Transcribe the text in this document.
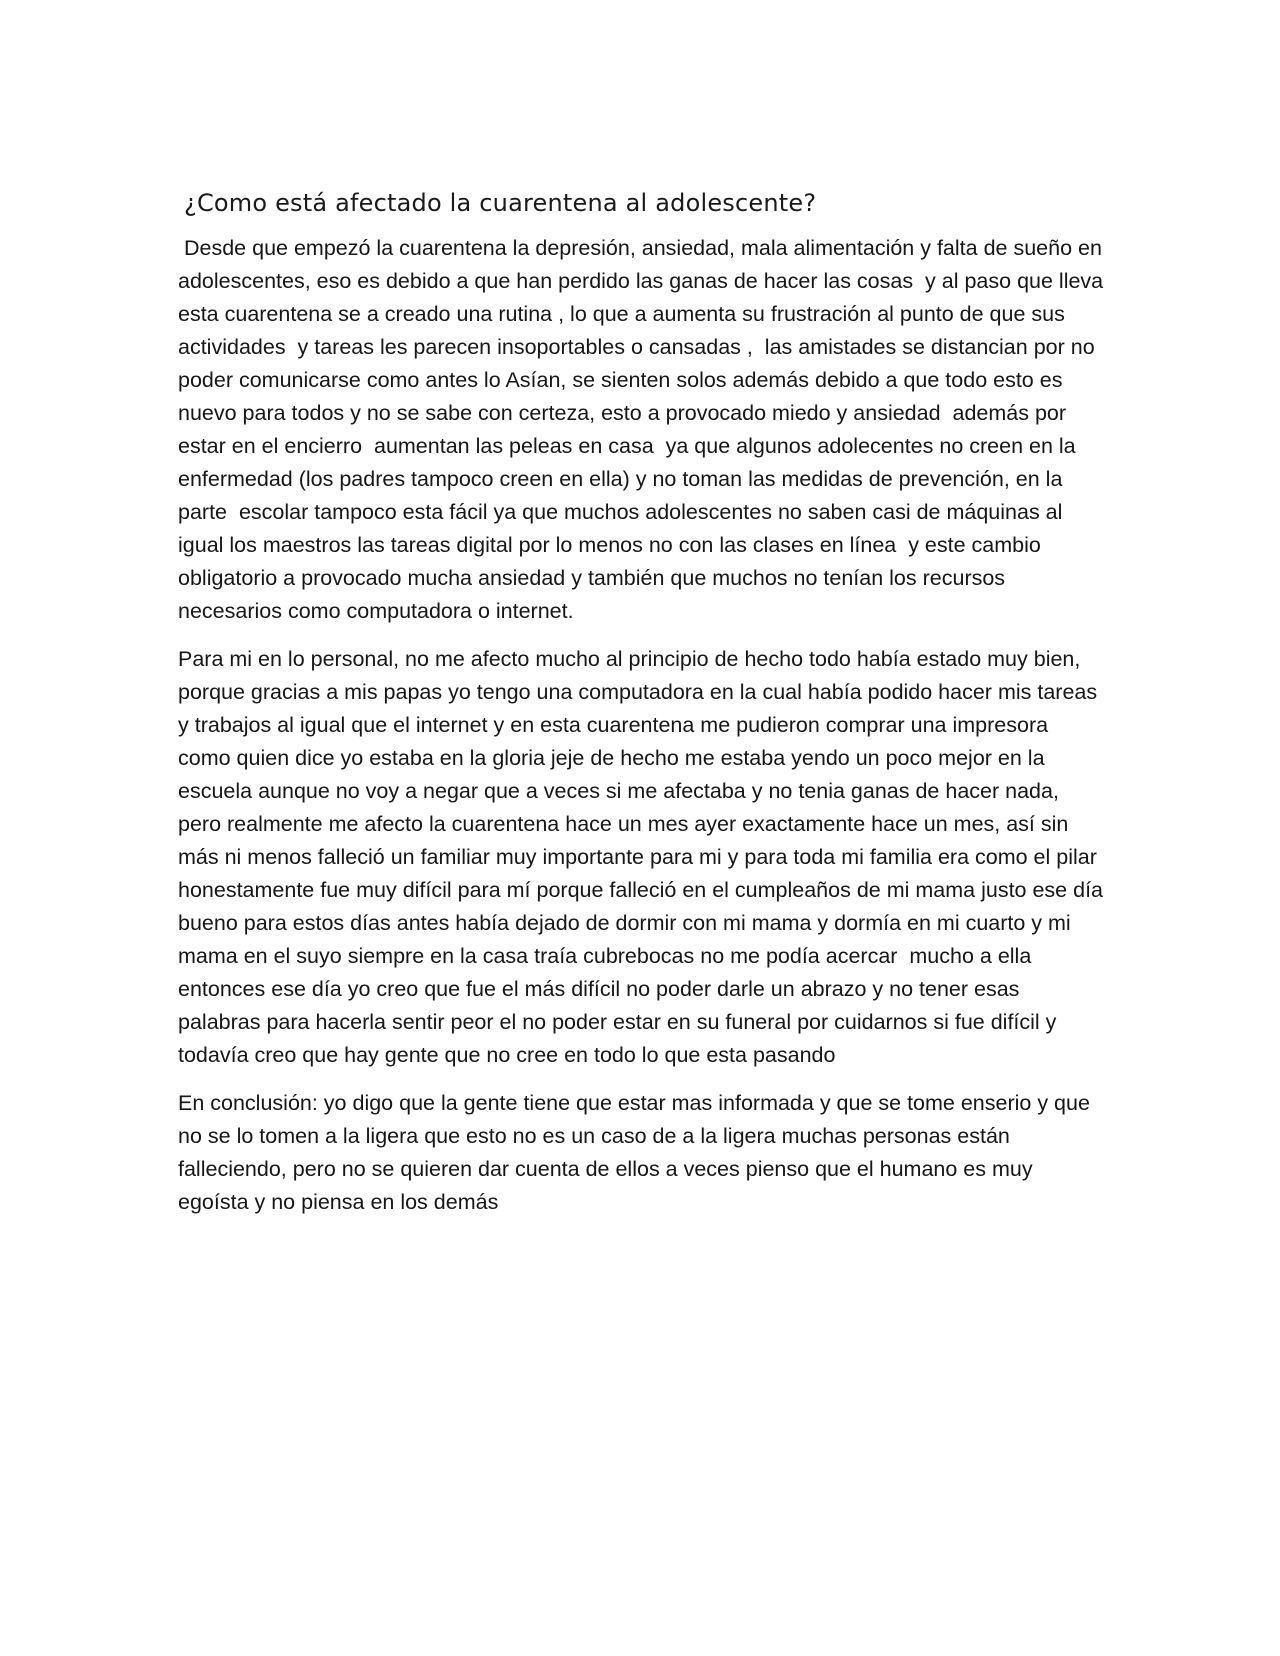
¿Como está afectado la cuarentena al adolescente?

Desde que empezó la cuarentena la depresión, ansiedad, mala alimentación y falta de sueño en adolescentes, eso es debido a que han perdido las ganas de hacer las cosas  y al paso que lleva esta cuarentena se a creado una rutina , lo que a aumenta su frustración al punto de que sus actividades  y tareas les parecen insoportables o cansadas ,  las amistades se distancian por no poder comunicarse como antes lo Asían, se sienten solos además debido a que todo esto es nuevo para todos y no se sabe con certeza, esto a provocado miedo y ansiedad  además por estar en el encierro  aumentan las peleas en casa  ya que algunos adolecentes no creen en la enfermedad (los padres tampoco creen en ella) y no toman las medidas de prevención, en la parte  escolar tampoco esta fácil ya que muchos adolescentes no saben casi de máquinas al igual los maestros las tareas digital por lo menos no con las clases en línea  y este cambio obligatorio a provocado mucha ansiedad y también que muchos no tenían los recursos necesarios como computadora o internet.

Para mi en lo personal, no me afecto mucho al principio de hecho todo había estado muy bien, porque gracias a mis papas yo tengo una computadora en la cual había podido hacer mis tareas y trabajos al igual que el internet y en esta cuarentena me pudieron comprar una impresora como quien dice yo estaba en la gloria jeje de hecho me estaba yendo un poco mejor en la escuela aunque no voy a negar que a veces si me afectaba y no tenia ganas de hacer nada, pero realmente me afecto la cuarentena hace un mes ayer exactamente hace un mes, así sin más ni menos falleció un familiar muy importante para mi y para toda mi familia era como el pilar honestamente fue muy difícil para mí porque falleció en el cumpleaños de mi mama justo ese día bueno para estos días antes había dejado de dormir con mi mama y dormía en mi cuarto y mi mama en el suyo siempre en la casa traía cubrebocas no me podía acercar  mucho a ella entonces ese día yo creo que fue el más difícil no poder darle un abrazo y no tener esas palabras para hacerla sentir peor el no poder estar en su funeral por cuidarnos si fue difícil y todavía creo que hay gente que no cree en todo lo que esta pasando

En conclusión: yo digo que la gente tiene que estar mas informada y que se tome enserio y que no se lo tomen a la ligera que esto no es un caso de a la ligera muchas personas están falleciendo, pero no se quieren dar cuenta de ellos a veces pienso que el humano es muy egoísta y no piensa en los demás
